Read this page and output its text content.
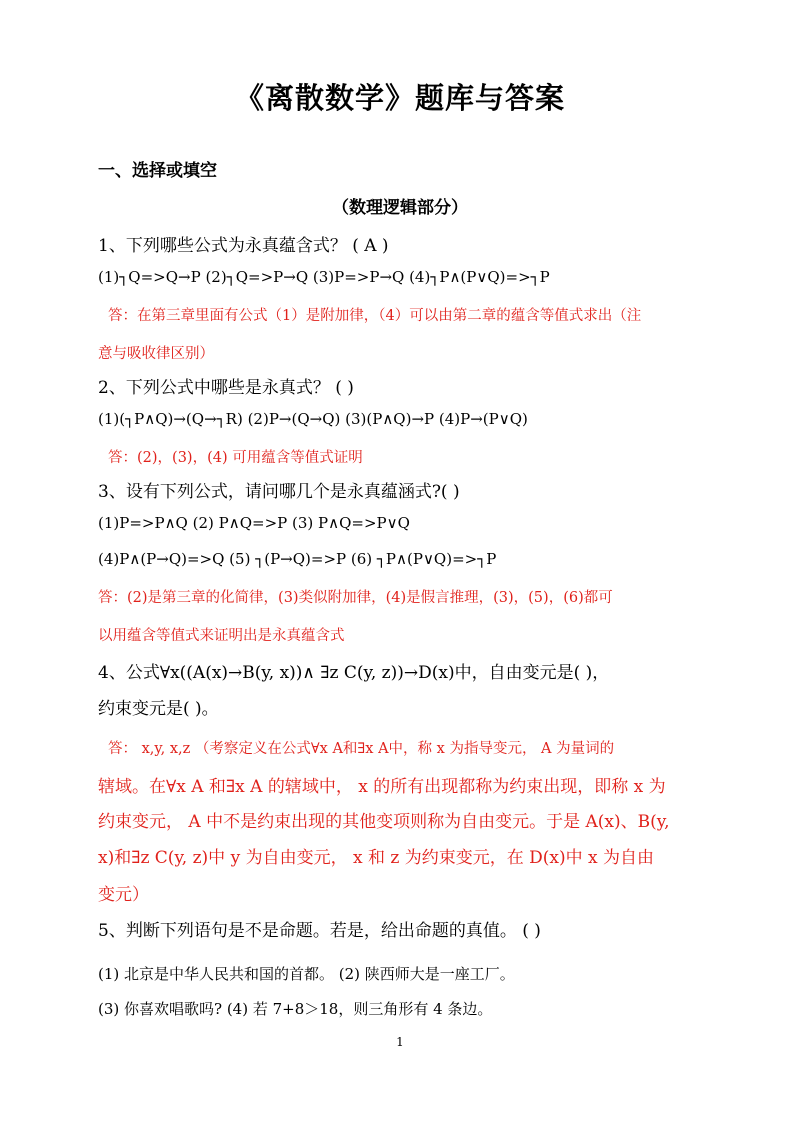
《离散数学》题库与答案
一、选择或填空
（数理逻辑部分）
1、下列哪些公式为永真蕴含式？ ( A )
(1)┐Q=>Q→P (2)┐Q=>P→Q (3)P=>P→Q (4)┐P∧(P∨Q)=>┐P
答：在第三章里面有公式（1）是附加律，（4）可以由第二章的蕴含等值式求出（注
意与吸收律区别）
2、下列公式中哪些是永真式？ ( )
(1)(┐P∧Q)→(Q→┐R) (2)P→(Q→Q) (3)(P∧Q)→P (4)P→(P∨Q)
答：(2)，(3)，(4) 可用蕴含等值式证明
3、设有下列公式，请问哪几个是永真蕴涵式?( )
(1)P=>P∧Q (2) P∧Q=>P (3) P∧Q=>P∨Q
(4)P∧(P→Q)=>Q (5) ┐(P→Q)=>P (6) ┐P∧(P∨Q)=>┐P
答：(2)是第三章的化简律，(3)类似附加律，(4)是假言推理，(3)，(5)，(6)都可
以用蕴含等值式来证明出是永真蕴含式
4、公式∀x((A(x)→B(y, x))∧ ∃z C(y, z))→D(x)中，自由变元是( )，
约束变元是( )。
答： x,y, x,z （考察定义在公式∀x A和∃x A中，称 x 为指导变元， A 为量词的
辖域。在∀x A 和∃x A 的辖域中， x 的所有出现都称为约束出现，即称 x 为
约束变元， A 中不是约束出现的其他变项则称为自由变元。于是 A(x)、B(y,
x)和∃z C(y, z)中 y 为自由变元， x 和 z 为约束变元，在 D(x)中 x 为自由
变元）
5、判断下列语句是不是命题。若是，给出命题的真值。 ( )
(1) 北京是中华人民共和国的首都。 (2) 陕西师大是一座工厂。
(3) 你喜欢唱歌吗? (4) 若 7+8＞18，则三角形有 4 条边。
1
